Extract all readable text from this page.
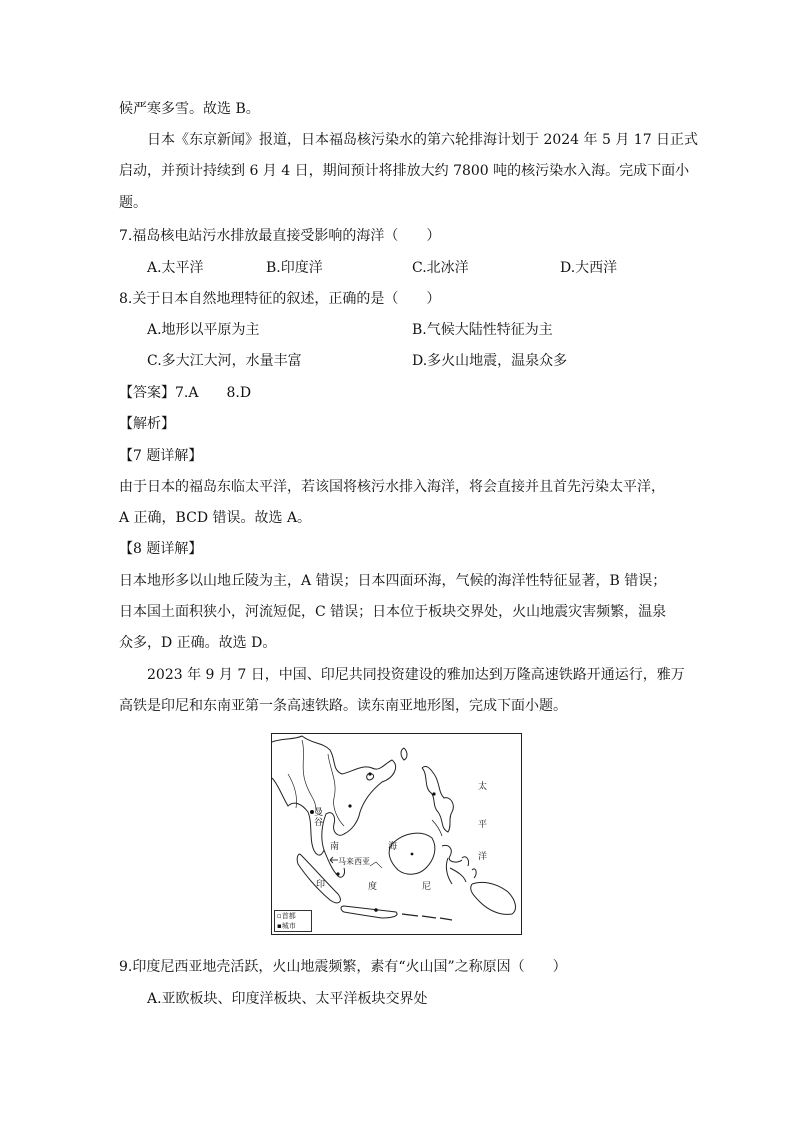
候严寒多雪。故选 B。
日本《东京新闻》报道，日本福岛核污染水的第六轮排海计划于 2024 年 5 月 17 日正式
启动，并预计持续到 6 月 4 日，期间预计将排放大约 7800 吨的核污染水入海。完成下面小
题。
7.福岛核电站污水排放最直接受影响的海洋（　　）
A.太平洋	B.印度洋	C.北冰洋	D.大西洋
8.关于日本自然地理特征的叙述，正确的是（　　）
A.地形以平原为主	B.气候大陆性特征为主
C.多大江大河，水量丰富	D.多火山地震，温泉众多
【答案】7.A　　8.D
【解析】
【7 题详解】
由于日本的福岛东临太平洋，若该国将核污水排入海洋，将会直接并且首先污染太平洋，
A 正确，BCD 错误。故选 A。
【8 题详解】
日本地形多以山地丘陵为主，A 错误；日本四面环海，气候的海洋性特征显著，B 错误；
日本国土面积狭小，河流短促，C 错误；日本位于板块交界处，火山地震灾害频繁，温泉
众多，D 正确。故选 D。
2023 年 9 月 7 日，中国、印尼共同投资建设的雅加达到万隆高速铁路开通运行，雅万
高铁是印尼和东南亚第一条高速铁路。读东南亚地形图，完成下面小题。
太
平
洋
南	海
曼谷
马来西亚
印	度	尼
▫首都
▪城市
9.印度尼西亚地壳活跃，火山地震频繁，素有“火山国”之称原因（　　）
A.亚欧板块、印度洋板块、太平洋板块交界处
